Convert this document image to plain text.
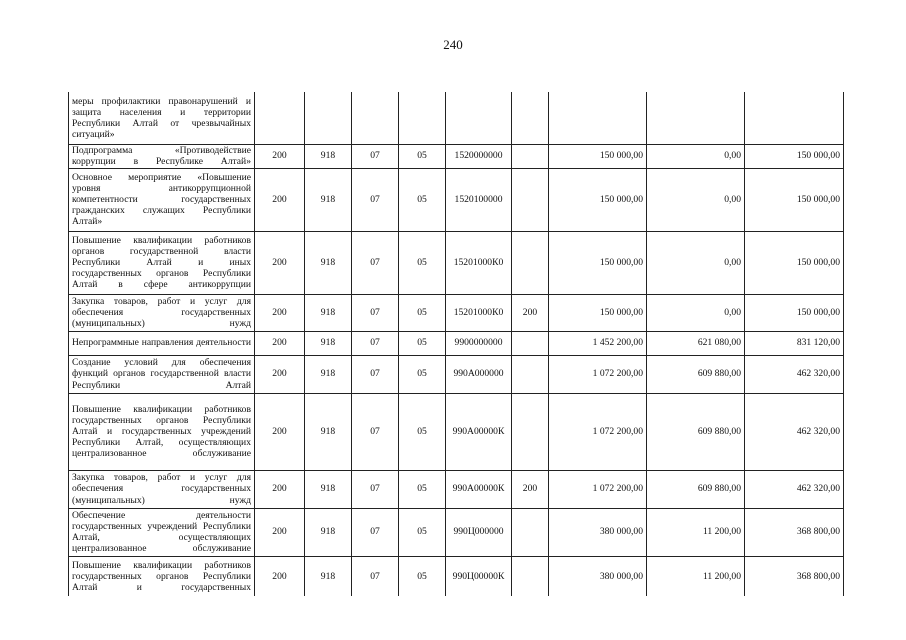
240
меры профилактики правонарушений и защита населения и территории Республики Алтай от чрезвычайных ситуаций»									
Подпрограмма «Противодействие коррупции в Республике Алтай»	200	918	07	05	1520000000		150 000,00	0,00	150 000,00
Основное мероприятие «Повышение уровня антикоррупционной компетентности государственных гражданских служащих Республики Алтай»	200	918	07	05	1520100000		150 000,00	0,00	150 000,00
Повышение квалификации работников органов государственной власти Республики Алтай и иных государственных органов Республики Алтай в сфере антикоррупции	200	918	07	05	15201000К0		150 000,00	0,00	150 000,00
Закупка товаров, работ и услуг для обеспечения государственных (муниципальных) нужд	200	918	07	05	15201000К0	200	150 000,00	0,00	150 000,00
Непрограммные направления деятельности	200	918	07	05	9900000000		1 452 200,00	621 080,00	831 120,00
Создание условий для обеспечения функций органов государственной власти Республики Алтай	200	918	07	05	990А000000		1 072 200,00	609 880,00	462 320,00
Повышение квалификации работников государственных органов Республики Алтай и государственных учреждений Республики Алтай, осуществляющих централизованное обслуживание	200	918	07	05	990А00000К		1 072 200,00	609 880,00	462 320,00
Закупка товаров, работ и услуг для обеспечения государственных (муниципальных) нужд	200	918	07	05	990А00000К	200	1 072 200,00	609 880,00	462 320,00
Обеспечение деятельности государственных учреждений Республики Алтай, осуществляющих централизованное обслуживание	200	918	07	05	990Ц000000		380 000,00	11 200,00	368 800,00
Повышение квалификации работников государственных органов Республики Алтай и государственных	200	918	07	05	990Ц00000К		380 000,00	11 200,00	368 800,00
